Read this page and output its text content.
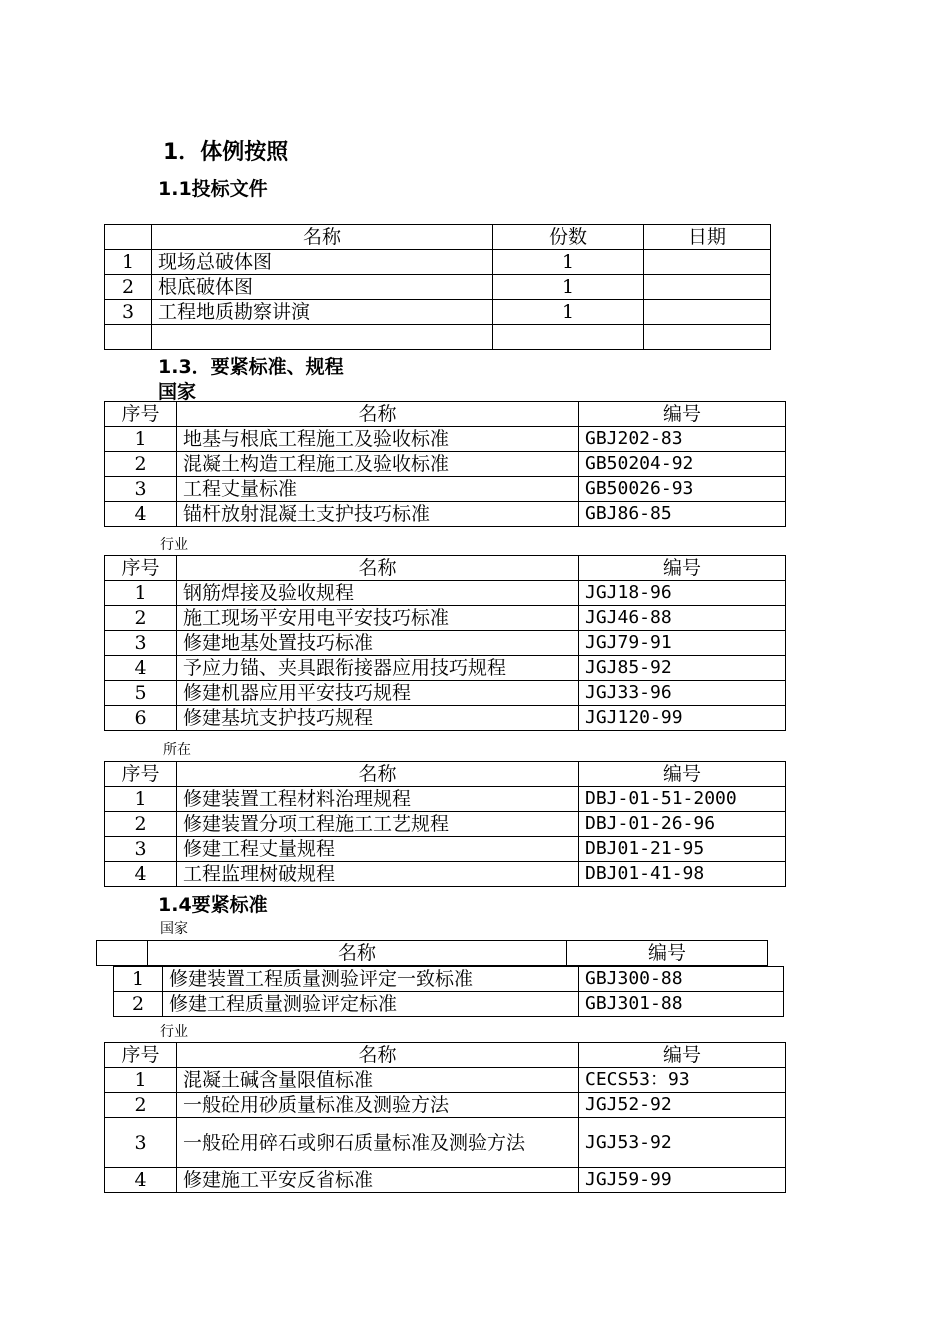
1．体例按照
1.1投标文件
	名称	份数	日期
1	现场总破体图	1	
2	根底破体图	1	
3	工程地质勘察讲演	1	

1.3．要紧标准、规程
国家
序号	名称	编号
1	地基与根底工程施工及验收标准	GBJ202-83
2	混凝土构造工程施工及验收标准	GB50204-92
3	工程丈量标准	GB50026-93
4	锚杆放射混凝土支护技巧标准	GBJ86-85
行业
序号	名称	编号
1	钢筋焊接及验收规程	JGJ18-96
2	施工现场平安用电平安技巧标准	JGJ46-88
3	修建地基处置技巧标准	JGJ79-91
4	予应力锚、夹具跟衔接器应用技巧规程	JGJ85-92
5	修建机器应用平安技巧规程	JGJ33-96
6	修建基坑支护技巧规程	JGJ120-99
所在
序号	名称	编号
1	修建装置工程材料治理规程	DBJ-01-51-2000
2	修建装置分项工程施工工艺规程	DBJ-01-26-96
3	修建工程丈量规程	DBJ01-21-95
4	工程监理树破规程	DBJ01-41-98
1.4要紧标准
国家
	名称	编号
1	修建装置工程质量测验评定一致标准	GBJ300-88
2	修建工程质量测验评定标准	GBJ301-88
行业
序号	名称	编号
1	混凝土碱含量限值标准	CECS53：93
2	一般砼用砂质量标准及测验方法	JGJ52-92
3	一般砼用碎石或卵石质量标准及测验方法	JGJ53-92
4	修建施工平安反省标准	JGJ59-99
